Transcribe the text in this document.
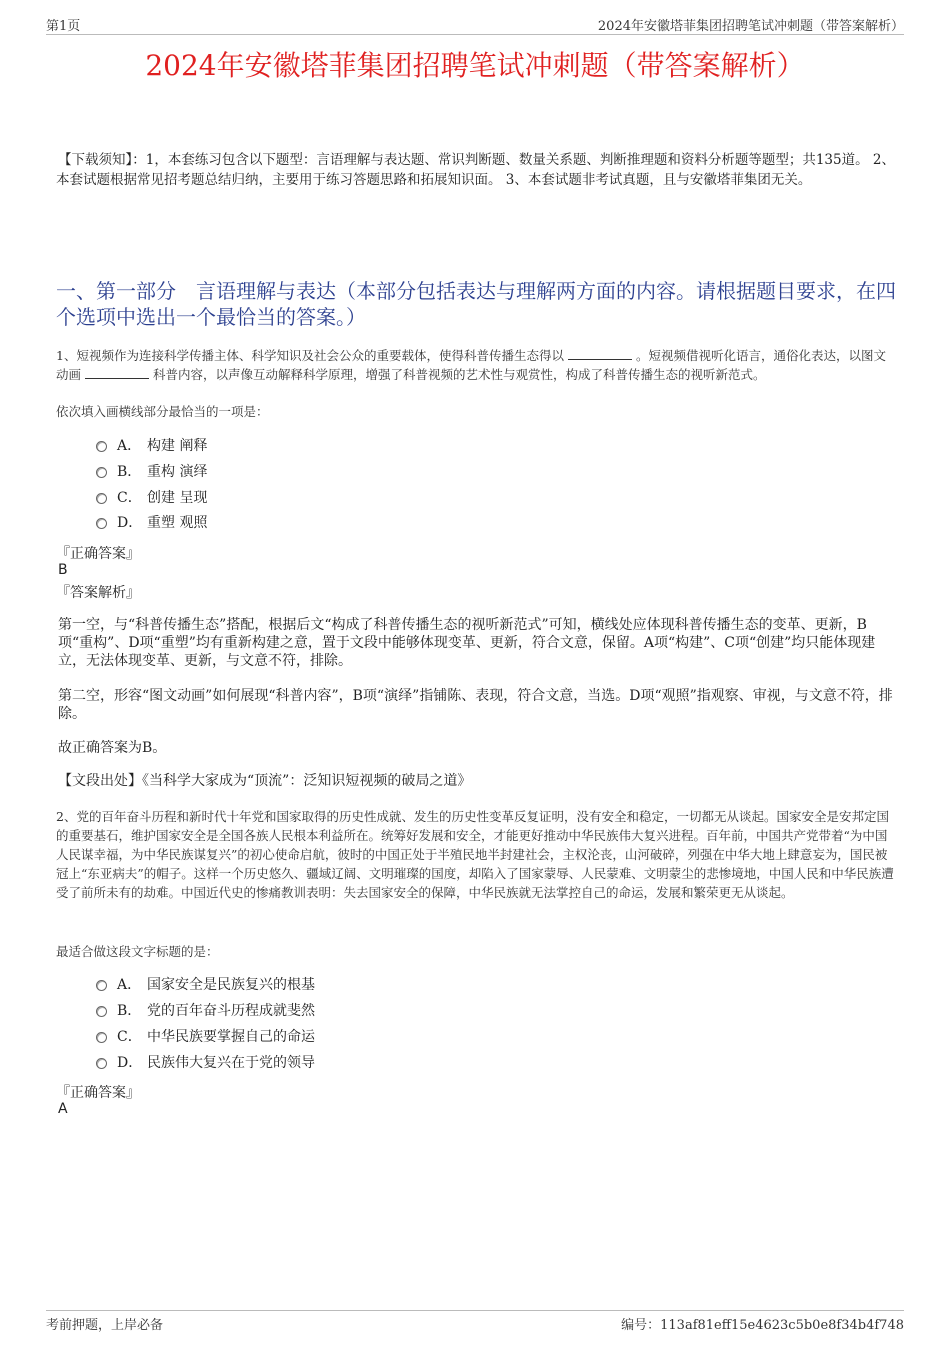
第1页	2024年安徽塔菲集团招聘笔试冲刺题（带答案解析）
2024年安徽塔菲集团招聘笔试冲刺题（带答案解析）
【下载须知】：1，本套练习包含以下题型：言语理解与表达题、常识判断题、数量关系题、判断推理题和资料分析题等题型；共135道。 2、本套试题根据常见招考题总结归纳，主要用于练习答题思路和拓展知识面。 3、本套试题非考试真题，且与安徽塔菲集团无关。
一、第一部分　言语理解与表达（本部分包括表达与理解两方面的内容。请根据题目要求，在四个选项中选出一个最恰当的答案。）
1、短视频作为连接科学传播主体、科学知识及社会公众的重要载体，使得科普传播生态得以	。短视频借视听化语言，通俗化表达，以图文动画	科普内容，以声像互动解释科学原理，增强了科普视频的艺术性与观赏性，构成了科普传播生态的视听新范式。
依次填入画横线部分最恰当的一项是：
A． 构建 阐释
B． 重构 演绎
C． 创建 呈现
D． 重塑 观照
『正确答案』
B
『答案解析』
第一空，与“科普传播生态”搭配，根据后文“构成了科普传播生态的视听新范式”可知，横线处应体现科普传播生态的变革、更新，B项“重构”、D项“重塑”均有重新构建之意，置于文段中能够体现变革、更新，符合文意，保留。A项“构建”、C项“创建”均只能体现建立，无法体现变革、更新，与文意不符，排除。
第二空，形容“图文动画”如何展现“科普内容”，B项“演绎”指铺陈、表现，符合文意，当选。D项“观照”指观察、审视，与文意不符，排除。
故正确答案为B。
【文段出处】《当科学大家成为“顶流”：泛知识短视频的破局之道》
2、党的百年奋斗历程和新时代十年党和国家取得的历史性成就、发生的历史性变革反复证明，没有安全和稳定，一切都无从谈起。国家安全是安邦定国的重要基石，维护国家安全是全国各族人民根本利益所在。统筹好发展和安全，才能更好推动中华民族伟大复兴进程。百年前，中国共产党带着“为中国人民谋幸福，为中华民族谋复兴”的初心使命启航，彼时的中国正处于半殖民地半封建社会，主权沦丧，山河破碎，列强在中华大地上肆意妄为，国民被冠上“东亚病夫”的帽子。这样一个历史悠久、疆域辽阔、文明璀璨的国度，却陷入了国家蒙辱、人民蒙难、文明蒙尘的悲惨境地，中国人民和中华民族遭受了前所未有的劫难。中国近代史的惨痛教训表明：失去国家安全的保障，中华民族就无法掌控自己的命运，发展和繁荣更无从谈起。
最适合做这段文字标题的是：
A． 国家安全是民族复兴的根基
B． 党的百年奋斗历程成就斐然
C． 中华民族要掌握自己的命运
D． 民族伟大复兴在于党的领导
『正确答案』
A
考前押题，上岸必备	编号：113af81eff15e4623c5b0e8f34b4f748
